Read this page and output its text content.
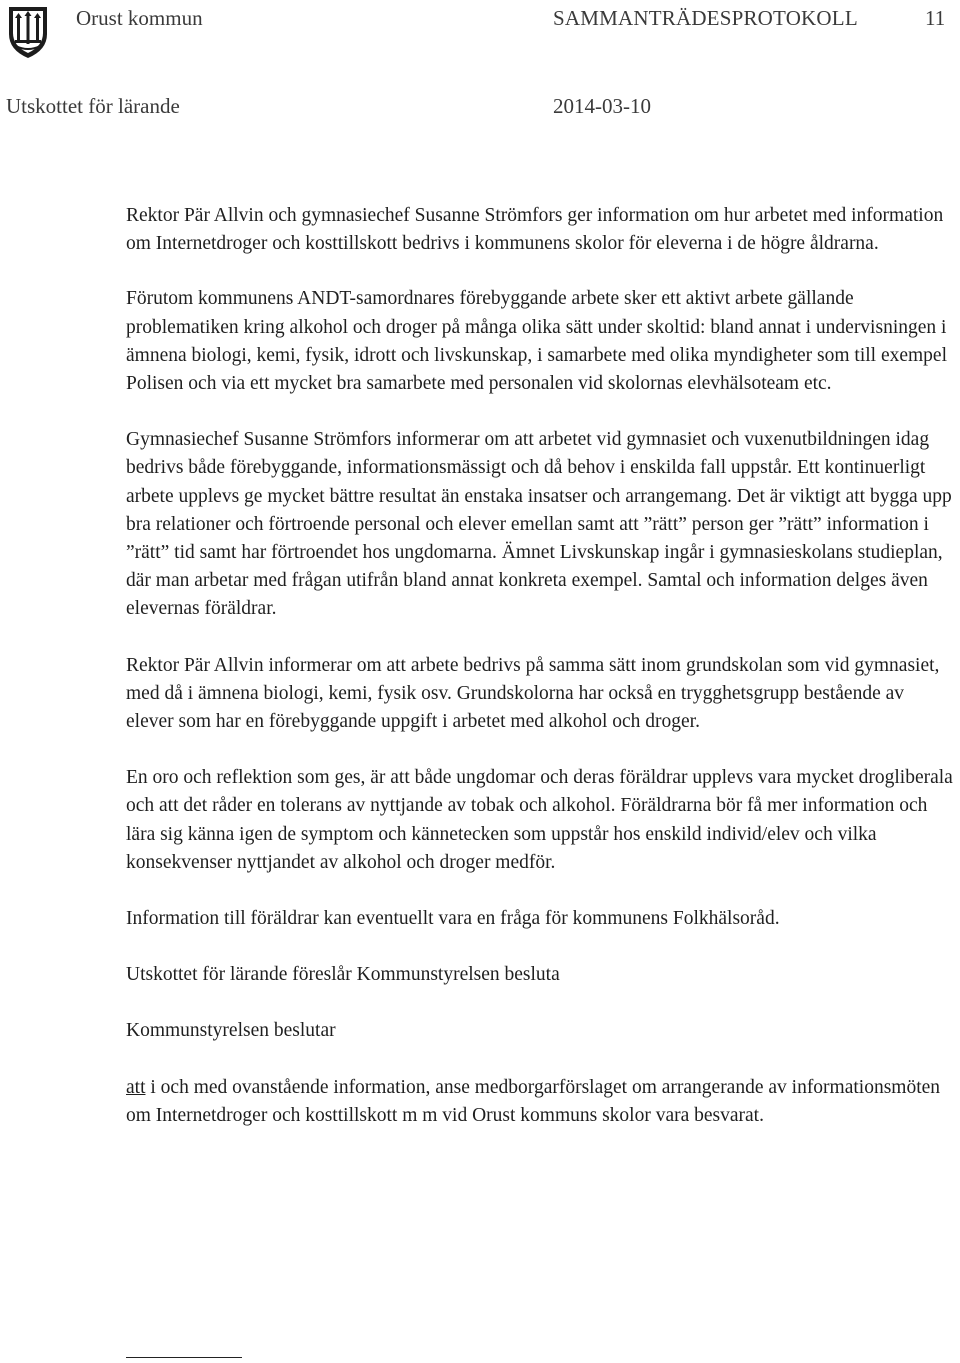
Orust kommun	SAMMANTRÄDESPROTOKOLL	11
Utskottet för lärande	2014-03-10

Rektor Pär Allvin och gymnasiechef Susanne Strömfors ger information om hur arbetet med information om Internetdroger och kosttillskott bedrivs i kommunens skolor för eleverna i de högre åldrarna.

Förutom kommunens ANDT-samordnares förebyggande arbete sker ett aktivt arbete gällande problematiken kring alkohol och droger på många olika sätt under skoltid: bland annat i undervisningen i ämnena biologi, kemi, fysik, idrott och livskunskap, i samarbete med olika myndigheter som till exempel Polisen och via ett mycket bra samarbete med personalen vid skolornas elevhälsoteam etc.

Gymnasiechef Susanne Strömfors informerar om att arbetet vid gymnasiet och vuxenutbildningen idag bedrivs både förebyggande, informationsmässigt och då behov i enskilda fall uppstår. Ett kontinuerligt arbete upplevs ge mycket bättre resultat än enstaka insatser och arrangemang. Det är viktigt att bygga upp bra relationer och förtroende personal och elever emellan samt att ”rätt” person ger ”rätt” information i ”rätt” tid samt har förtroendet hos ungdomarna. Ämnet Livskunskap ingår i gymnasieskolans studieplan, där man arbetar med frågan utifrån bland annat konkreta exempel. Samtal och information delges även elevernas föräldrar.

Rektor Pär Allvin informerar om att arbete bedrivs på samma sätt inom grundskolan som vid gymnasiet, med då i ämnena biologi, kemi, fysik osv. Grundskolorna har också en trygghetsgrupp bestående av elever som har en förebyggande uppgift i arbetet med alkohol och droger.

En oro och reflektion som ges, är att både ungdomar och deras föräldrar upplevs vara mycket drogliberala och att det råder en tolerans av nyttjande av tobak och alkohol. Föräldrarna bör få mer information och lära sig känna igen de symptom och kännetecken som uppstår hos enskild individ/elev och vilka konsekvenser nyttjandet av alkohol och droger medför.

Information till föräldrar kan eventuellt vara en fråga för kommunens Folkhälsoråd.

Utskottet för lärande föreslår Kommunstyrelsen besluta

Kommunstyrelsen beslutar

att i och med ovanstående information, anse medborgarförslaget om arrangerande av informationsmöten om Internetdroger och kosttillskott m m vid Orust kommuns skolor vara besvarat.
